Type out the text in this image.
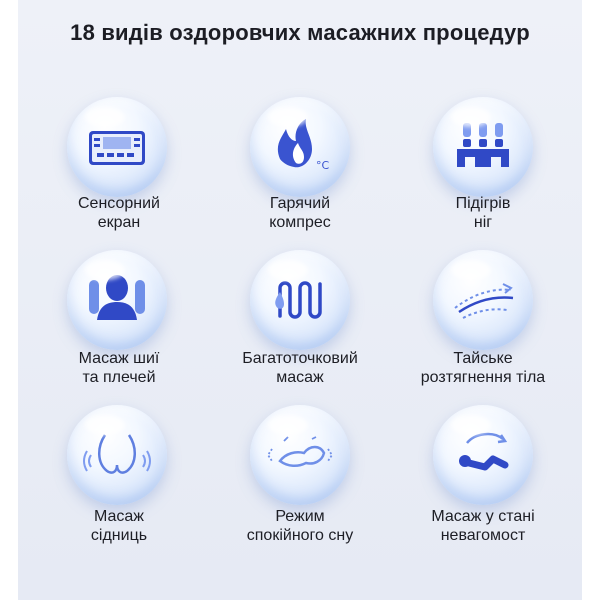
18 видів оздоровчих масажних процедур
Сенсорний
екран
°C
Гарячий
компрес
Підігрів
ніг
Масаж шиї
та плечей
Багатоточковий
масаж
Тайське
розтягнення тіла
Масаж
сідниць
Режим
спокійного сну
Масаж у стані
невагомост
